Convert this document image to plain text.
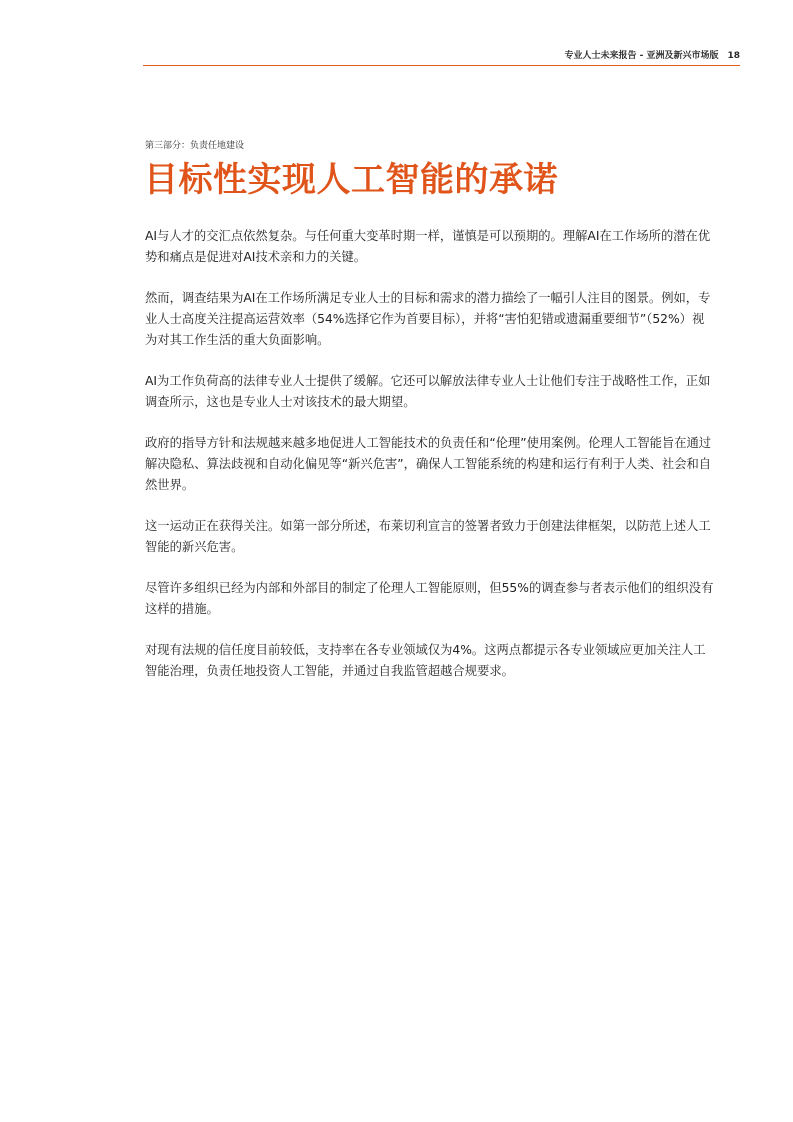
专业人士未来报告 - 亚洲及新兴市场版 18
第三部分：负责任地建设
目标性实现人工智能的承诺

AI与人才的交汇点依然复杂。与任何重大变革时期一样，谨慎是可以预期的。理解AI在工作场所的潜在优势和痛点是促进对AI技术亲和力的关键。

然而，调查结果为AI在工作场所满足专业人士的目标和需求的潜力描绘了一幅引人注目的图景。例如，专业人士高度关注提高运营效率（54%选择它作为首要目标），并将“害怕犯错或遗漏重要细节”（52%）视为对其工作生活的重大负面影响。

AI为工作负荷高的法律专业人士提供了缓解。它还可以解放法律专业人士让他们专注于战略性工作，正如调查所示，这也是专业人士对该技术的最大期望。

政府的指导方针和法规越来越多地促进人工智能技术的负责任和“伦理”使用案例。伦理人工智能旨在通过解决隐私、算法歧视和自动化偏见等“新兴危害”，确保人工智能系统的构建和运行有利于人类、社会和自然世界。

这一运动正在获得关注。如第一部分所述，布莱切利宣言的签署者致力于创建法律框架，以防范上述人工智能的新兴危害。

尽管许多组织已经为内部和外部目的制定了伦理人工智能原则，但55%的调查参与者表示他们的组织没有这样的措施。

对现有法规的信任度目前较低，支持率在各专业领域仅为4%。这两点都提示各专业领域应更加关注人工智能治理，负责任地投资人工智能，并通过自我监管超越合规要求。
